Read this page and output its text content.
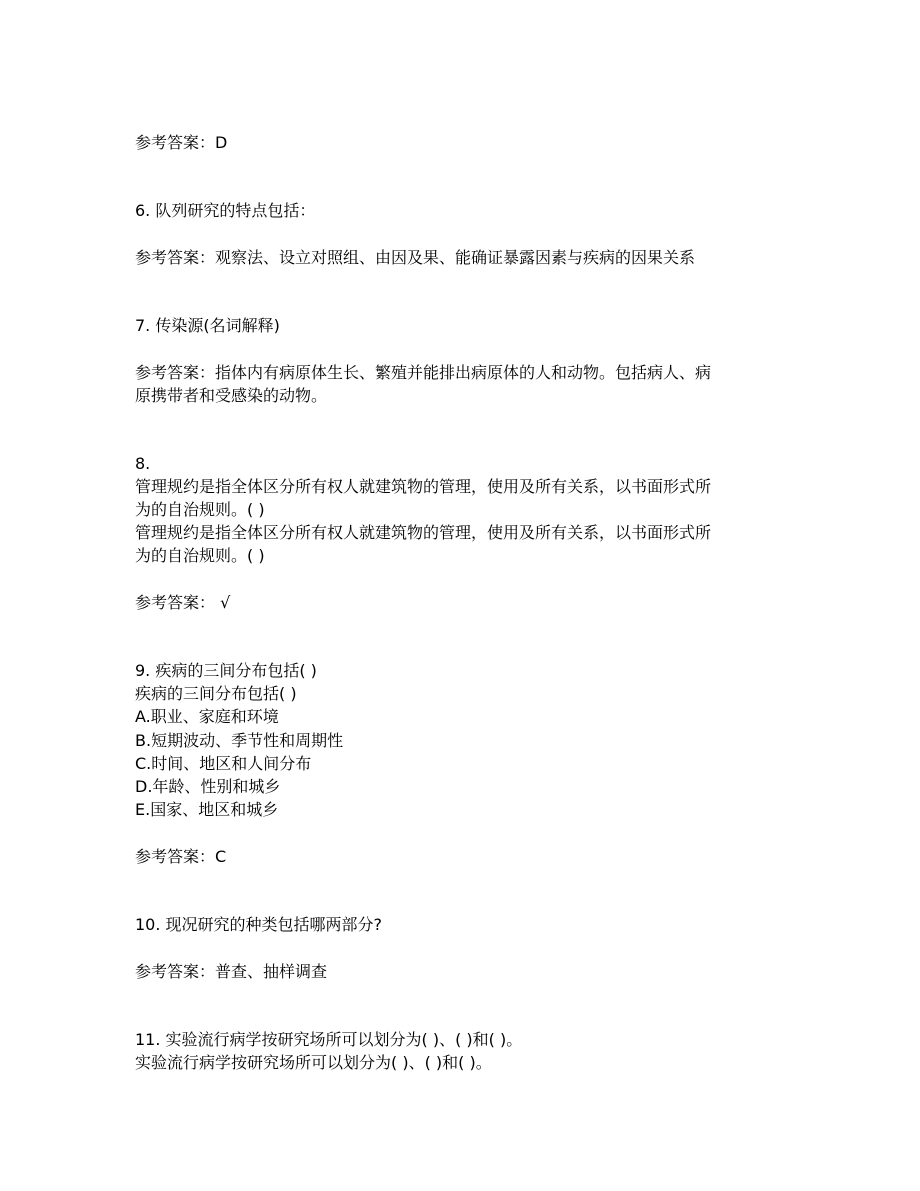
参考答案：D
6. 队列研究的特点包括：
参考答案：观察法、设立对照组、由因及果、能确证暴露因素与疾病的因果关系
7. 传染源(名词解释)
参考答案：指体内有病原体生长、繁殖并能排出病原体的人和动物。包括病人、病
原携带者和受感染的动物。
8.
管理规约是指全体区分所有权人就建筑物的管理，使用及所有关系，以书面形式所
为的自治规则。( )
管理规约是指全体区分所有权人就建筑物的管理，使用及所有关系，以书面形式所
为的自治规则。( )
参考答案： √
9. 疾病的三间分布包括( )
疾病的三间分布包括( )
A.职业、家庭和环境
B.短期波动、季节性和周期性
C.时间、地区和人间分布
D.年龄、性别和城乡
E.国家、地区和城乡
参考答案：C
10. 现况研究的种类包括哪两部分?
参考答案：普查、抽样调查
11. 实验流行病学按研究场所可以划分为( )、( )和( )。
实验流行病学按研究场所可以划分为( )、( )和( )。
